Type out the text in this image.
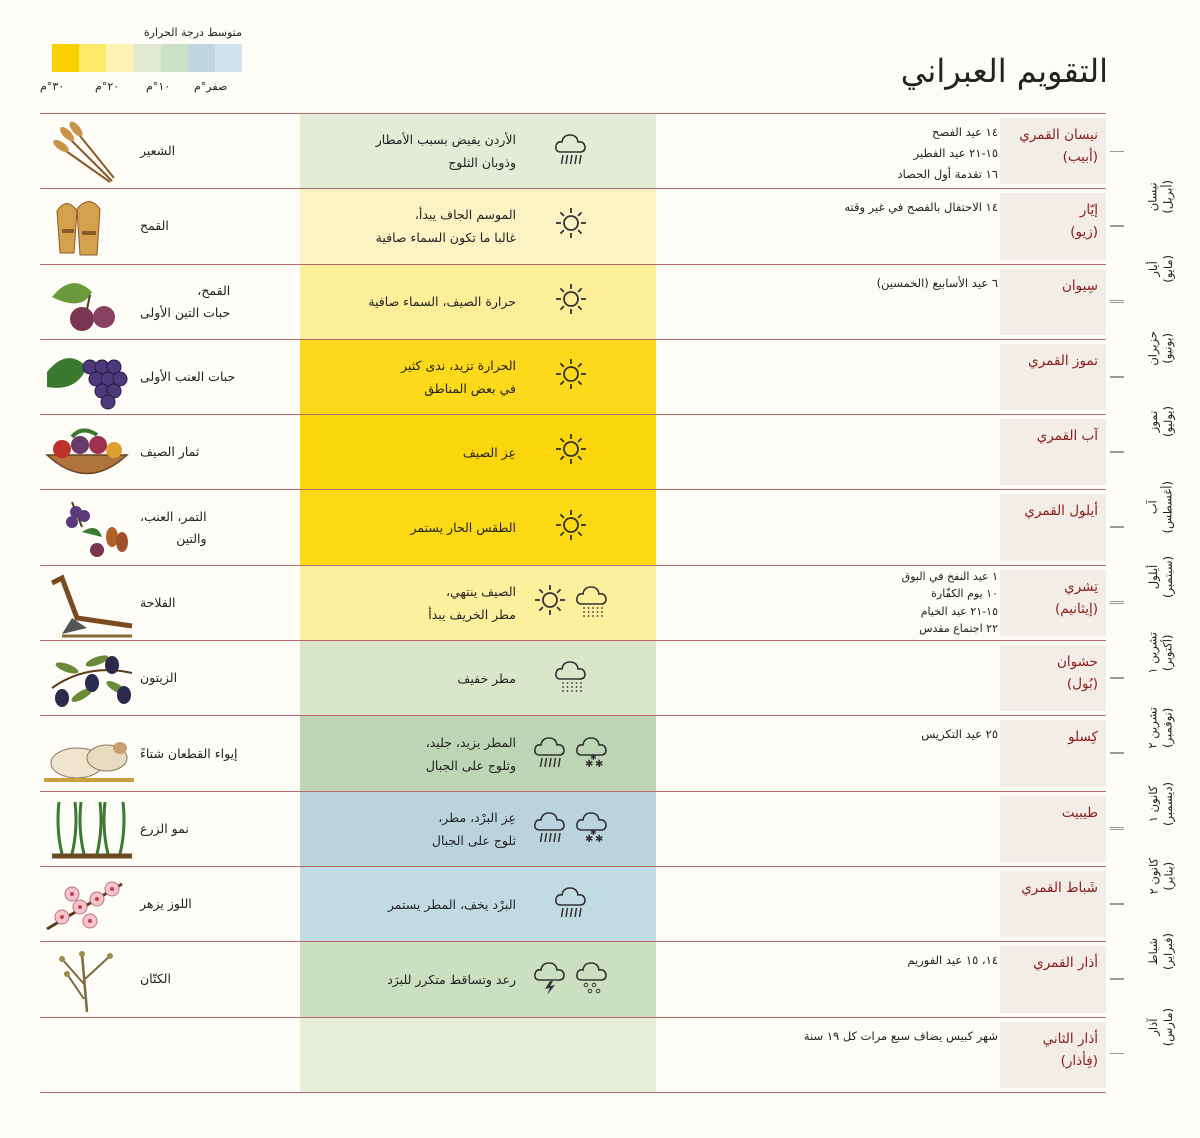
التقويم العبراني
متوسط درجة الحرارة
صفر°م
١٠°م
٢٠°م
٣٠°م
نيسان القمري
(أبيب)
١٤ عيد الفصح
١٥-٢١ عيد الفطير
١٦ تقدمة أول الحصاد
الأردن يفيض بسبب الأمطار
وذوبان الثلوج
الشعير
نيسان (أبريل)
إيّار
(زيو)
١٤ الاحتفال بالفصح في غير وقته
الموسم الجاف يبدأ،
غالبا ما تكون السماء صافية
القمح
أيار (مايو)
سِيوان
٦ عيد الأسابيع (الخمسين)
حرارة الصيف، السماء صافية
القمح،
حبات التين الأولى
حزيران (يونيو)
تموز القمري
الحرارة تزيد، ندى كثير
في بعض المناطق
حبات العنب الأولى
تموز (يوليو)
آب القمري
عِز الصيف
ثمار الصيف
آب (أغسطس)
أيلول القمري
الطقس الحار يستمر
التمر، العنب،
والتين
أيلول (سبتمبر)
تِشري
(إيثانيم)
١ عيد النفخ في البوق
١٠ يوم الكفّارة
١٥-٢١ عيد الخيام
٢٢ اجتماع مقدس
الصيف ينتهي،
مطر الخريف يبدأ
الفلاحة
تشرين ١ (أكتوبر)
حشوان
(بُول)
مطر خفيف
الزيتون
تشرين ٢ (نوفمبر)
كِسلو
٢٥ عيد التكريس
المطر يزيد، جليد،
وثلوج على الجبال	✱
✱
✱
إيواء القطعان شتاءً
كانون ١ (ديسمبر)
طيبيت
عِز البرْد، مطر،
ثلوج على الجبال	✱
✱
✱
نمو الزرع
كانون ٢ (يناير)
شَباط القمري
البرْد يخف، المطر يستمر
اللوز يزهر
شباط (فبراير)
أذار القمري
١٤، ١٥ عيد الفوريم
رعد وتساقط متكرر للبرَد
الكتّان
آذار (مارس)
أذار الثاني
(فِأذار)
شهر كبيس يضاف سبع مرات كل ١٩ سنة
